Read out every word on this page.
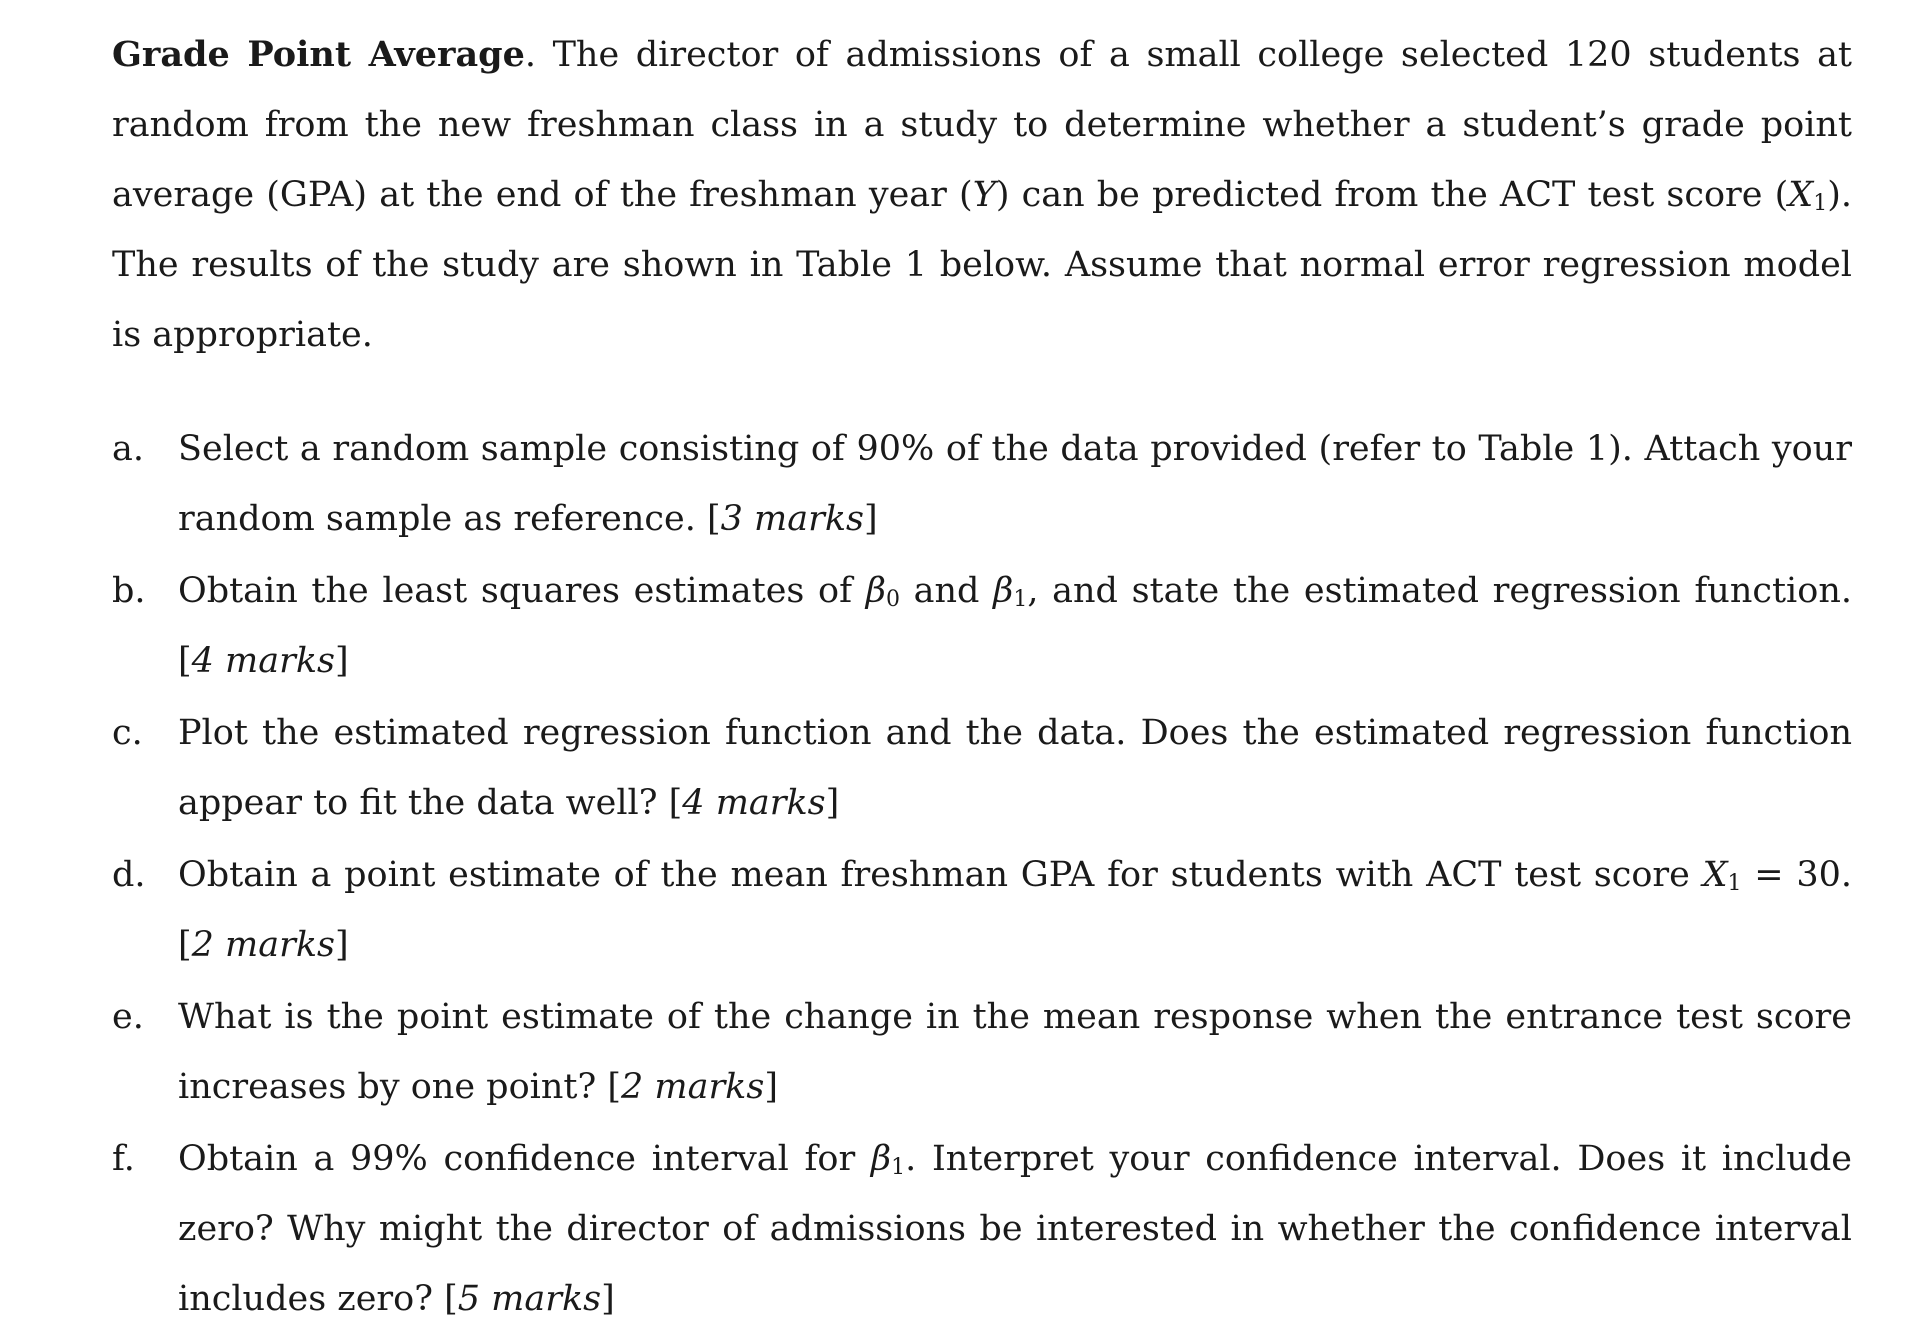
Grade Point Average. The director of admissions of a small college selected 120 students at random from the new freshman class in a study to determine whether a student’s grade point average (GPA) at the end of the freshman year (Y) can be predicted from the ACT test score $(X_1)$. The results of the study are shown in Table 1 below. Assume that normal error regression model is appropriate.

a. Select a random sample consisting of 90% of the data provided (refer to Table 1). Attach your random sample as reference. [3 marks]
b. Obtain the least squares estimates of $\beta_0$ and $\beta_1$, and state the estimated regression function. [4 marks]
c.	Plot the estimated regression function and the data. Does the estimated regression function appear to fit the data well? [4 marks]
d. Obtain a point estimate of the mean freshman GPA for students with ACT test score $X_1 = 30$. [2 marks]
e. What is the point estimate of the change in the mean response when the entrance test score increases by one point? [2 marks]
f.	Obtain a 99% confidence interval for $\beta_1$. Interpret your confidence interval. Does it include zero? Why might the director of admissions be interested in whether the confidence interval includes zero? [5 marks]
